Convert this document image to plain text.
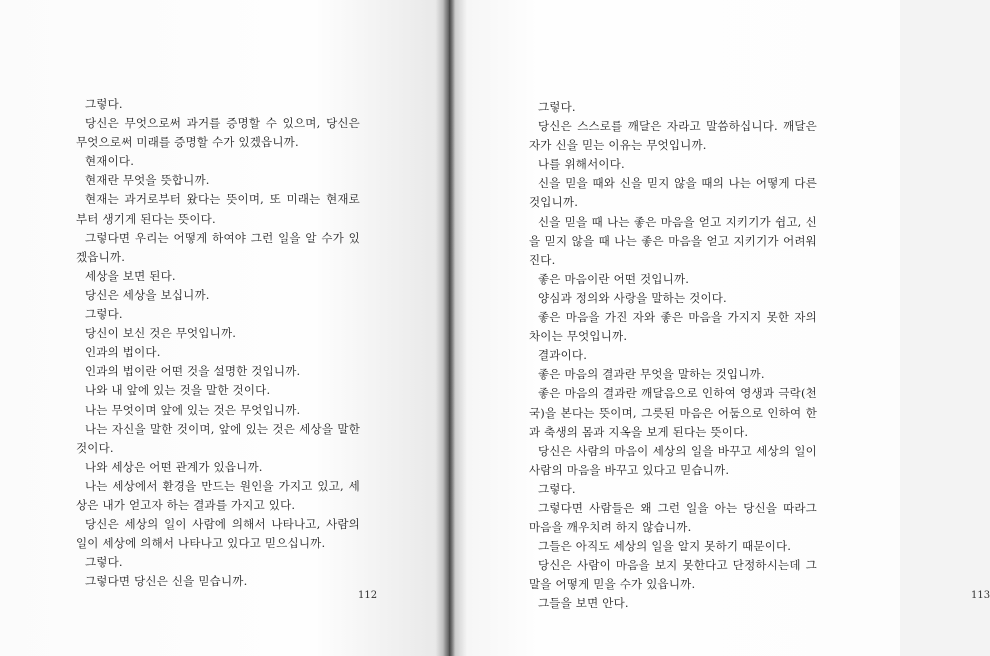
그렇다.

당신은 무엇으로써 과거를 증명할 수 있으며, 당신은 무엇으로써 미래를 증명할 수가 있겠읍니까.

현재이다.

현재란 무엇을 뜻합니까.

현재는 과거로부터 왔다는 뜻이며, 또 미래는 현재로부터 생기게 된다는 뜻이다.

그렇다면 우리는 어떻게 하여야 그런 일을 알 수가 있겠읍니까.

세상을 보면 된다.

당신은 세상을 보십니까.

그렇다.

당신이 보신 것은 무엇입니까.

인과의 법이다.

인과의 법이란 어떤 것을 설명한 것입니까.

나와 내 앞에 있는 것을 말한 것이다.

나는 무엇이며 앞에 있는 것은 무엇입니까.

나는 자신을 말한 것이며, 앞에 있는 것은 세상을 말한 것이다.

나와 세상은 어떤 관계가 있읍니까.

나는 세상에서 환경을 만드는 원인을 가지고 있고, 세상은 내가 얻고자 하는 결과를 가지고 있다.

당신은 세상의 일이 사람에 의해서 나타나고, 사람의 일이 세상에 의해서 나타나고 있다고 믿으십니까.

그렇다.

그렇다면 당신은 신을 믿습니까.

112	113

그렇다.

당신은 스스로를 깨달은 자라고 말씀하십니다. 깨달은 자가 신을 믿는 이유는 무엇입니까.

나를 위해서이다.

신을 믿을 때와 신을 믿지 않을 때의 나는 어떻게 다른 것입니까.

신을 믿을 때 나는 좋은 마음을 얻고 지키기가 쉽고, 신을 믿지 않을 때 나는 좋은 마음을 얻고 지키기가 어려워진다.

좋은 마음이란 어떤 것입니까.

양심과 정의와 사랑을 말하는 것이다.

좋은 마음을 가진 자와 좋은 마음을 가지지 못한 자의 차이는 무엇입니까.

결과이다.

좋은 마음의 결과란 무엇을 말하는 것입니까.

좋은 마음의 결과란 깨달음으로 인하여 영생과 극락(천국)을 본다는 뜻이며, 그릇된 마음은 어둠으로 인하여 한과 축생의 몸과 지옥을 보게 된다는 뜻이다.

당신은 사람의 마음이 세상의 일을 바꾸고 세상의 일이 사람의 마음을 바꾸고 있다고 믿습니까.

그렇다.

그렇다면 사람들은 왜 그런 일을 아는 당신을 따라그 마음을 깨우치려 하지 않습니까.

그들은 아직도 세상의 일을 알지 못하기 때문이다.

당신은 사람이 마음을 보지 못한다고 단정하시는데 그 말을 어떻게 믿을 수가 있읍니까.

그들을 보면 안다.
